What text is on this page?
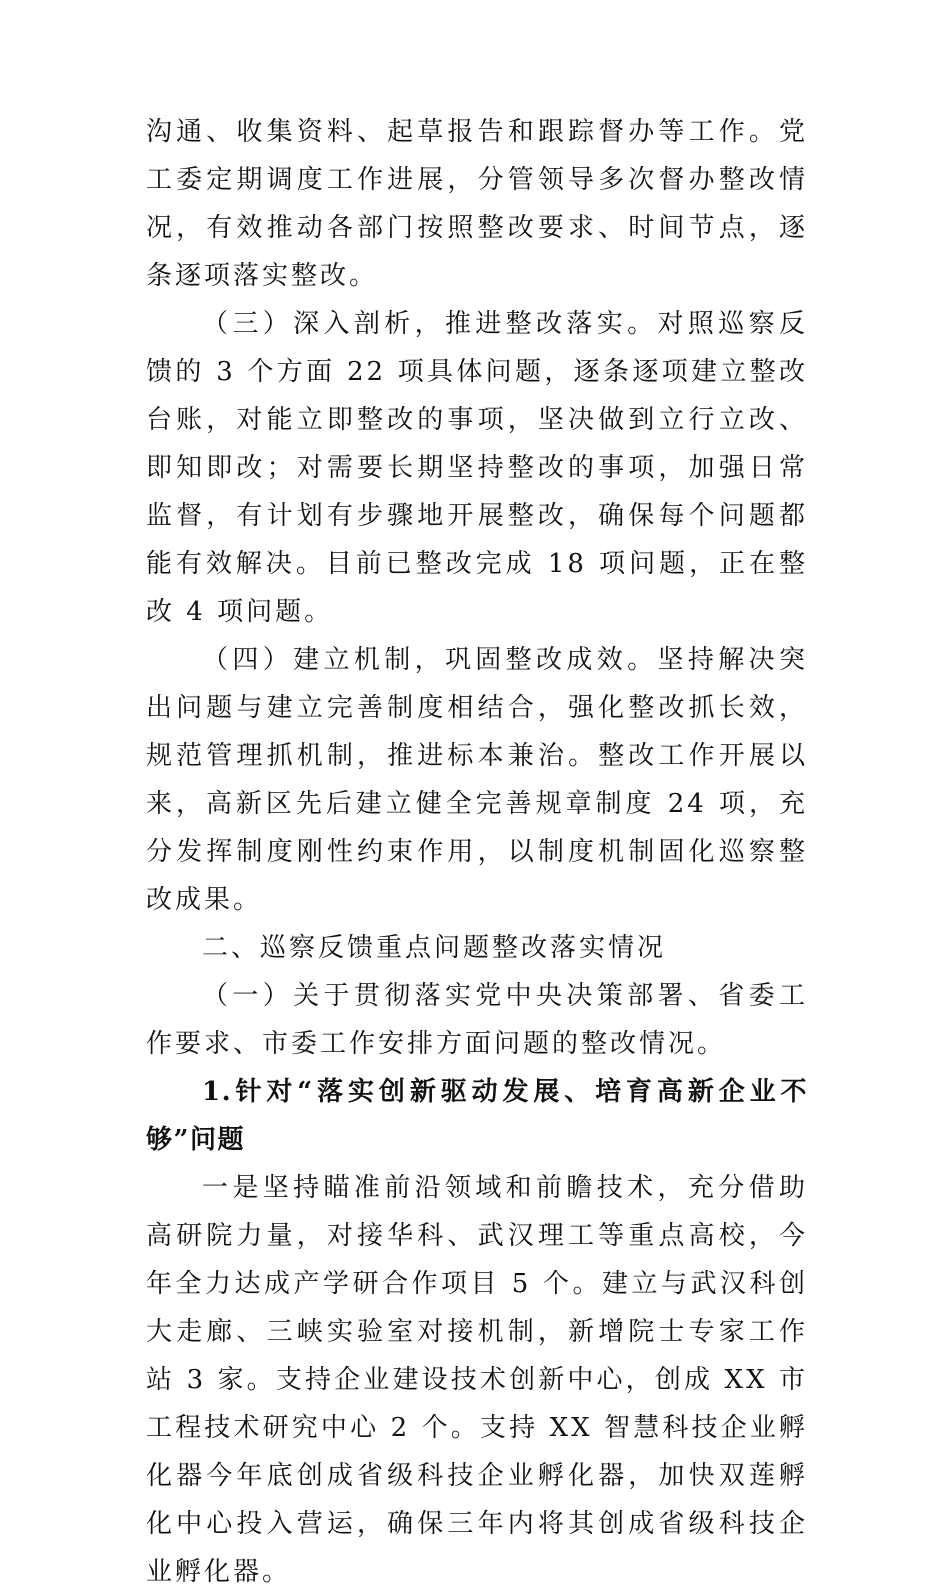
沟通、收集资料、起草报告和跟踪督办等工作。党工委定期调度工作进展，分管领导多次督办整改情况，有效推动各部门按照整改要求、时间节点，逐条逐项落实整改。

（三）深入剖析，推进整改落实。对照巡察反馈的 3 个方面 22 项具体问题，逐条逐项建立整改台账，对能立即整改的事项，坚决做到立行立改、即知即改；对需要长期坚持整改的事项，加强日常监督，有计划有步骤地开展整改，确保每个问题都能有效解决。目前已整改完成 18 项问题，正在整改 4 项问题。

（四）建立机制，巩固整改成效。坚持解决突出问题与建立完善制度相结合，强化整改抓长效，规范管理抓机制，推进标本兼治。整改工作开展以来，高新区先后建立健全完善规章制度 24 项，充分发挥制度刚性约束作用，以制度机制固化巡察整改成果。

二、巡察反馈重点问题整改落实情况

（一）关于贯彻落实党中央决策部署、省委工作要求、市委工作安排方面问题的整改情况。

1.针对“落实创新驱动发展、培育高新企业不够”问题

一是坚持瞄准前沿领域和前瞻技术，充分借助高研院力量，对接华科、武汉理工等重点高校，今年全力达成产学研合作项目 5 个。建立与武汉科创大走廊、三峡实验室对接机制，新增院士专家工作站 3 家。支持企业建设技术创新中心，创成 XX 市工程技术研究中心 2 个。支持 XX 智慧科技企业孵化器今年底创成省级科技企业孵化器，加快双莲孵化中心投入营运，确保三年内将其创成省级科技企业孵化器。
